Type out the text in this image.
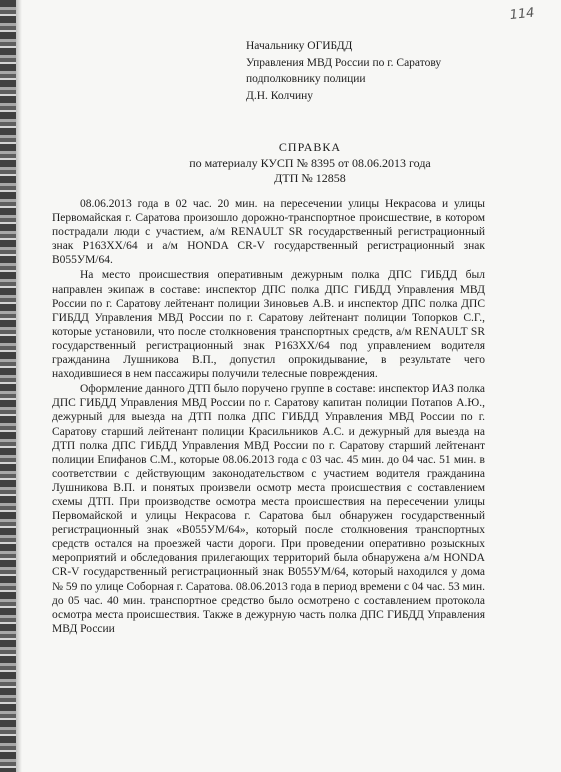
114
Начальнику ОГИБДД
Управления МВД России по г. Саратову
подполковнику полиции
Д.Н. Колчину
СПРАВКА
по материалу КУСП № 8395 от 08.06.2013 года
ДТП № 12858

08.06.2013 года в 02 час. 20 мин. на пересечении улицы Некрасова и улицы Первомайская г. Саратова произошло дорожно-транспортное происшествие, в котором пострадали люди с участием, а/м RENAULT SR государственный регистрационный знак Р163ХХ/64 и а/м HONDA CR-V государственный регистрационный знак В055УМ/64.

На место происшествия оперативным дежурным полка ДПС ГИБДД был направлен экипаж в составе: инспектор ДПС полка ДПС ГИБДД Управления МВД России по г. Саратову лейтенант полиции Зиновьев А.В. и инспектор ДПС полка ДПС ГИБДД Управления МВД России по г. Саратову лейтенант полиции Топорков С.Г., которые установили, что после столкновения транспортных средств, а/м RENAULT SR государственный регистрационный знак Р163ХХ/64 под управлением водителя гражданина Лушникова В.П., допустил опрокидывание, в результате чего находившиеся в нем пассажиры получили телесные повреждения.

Оформление данного ДТП было поручено группе в составе: инспектор ИАЗ полка ДПС ГИБДД Управления МВД России по г. Саратову капитан полиции Потапов А.Ю., дежурный для выезда на ДТП полка ДПС ГИБДД Управления МВД России по г. Саратову старший лейтенант полиции Красильников А.С. и дежурный для выезда на ДТП полка ДПС ГИБДД Управления МВД России по г. Саратову старший лейтенант полиции Епифанов С.М., которые 08.06.2013 года с 03 час. 45 мин. до 04 час. 51 мин. в соответствии с действующим законодательством с участием водителя гражданина Лушникова В.П. и понятых произвели осмотр места происшествия с составлением схемы ДТП. При производстве осмотра места происшествия на пересечении улицы Первомайской и улицы Некрасова г. Саратова был обнаружен государственный регистрационный знак «В055УМ/64», который после столкновения транспортных средств остался на проезжей части дороги. При проведении оперативно розыскных мероприятий и обследования прилегающих территорий была обнаружена а/м HONDA CR-V государственный регистрационный знак В055УМ/64, который находился у дома № 59 по улице Соборная г. Саратова. 08.06.2013 года в период времени с 04 час. 53 мин. до 05 час. 40 мин. транспортное средство было осмотрено с составлением протокола осмотра места происшествия. Также в дежурную часть полка ДПС ГИБДД Управления МВД России
